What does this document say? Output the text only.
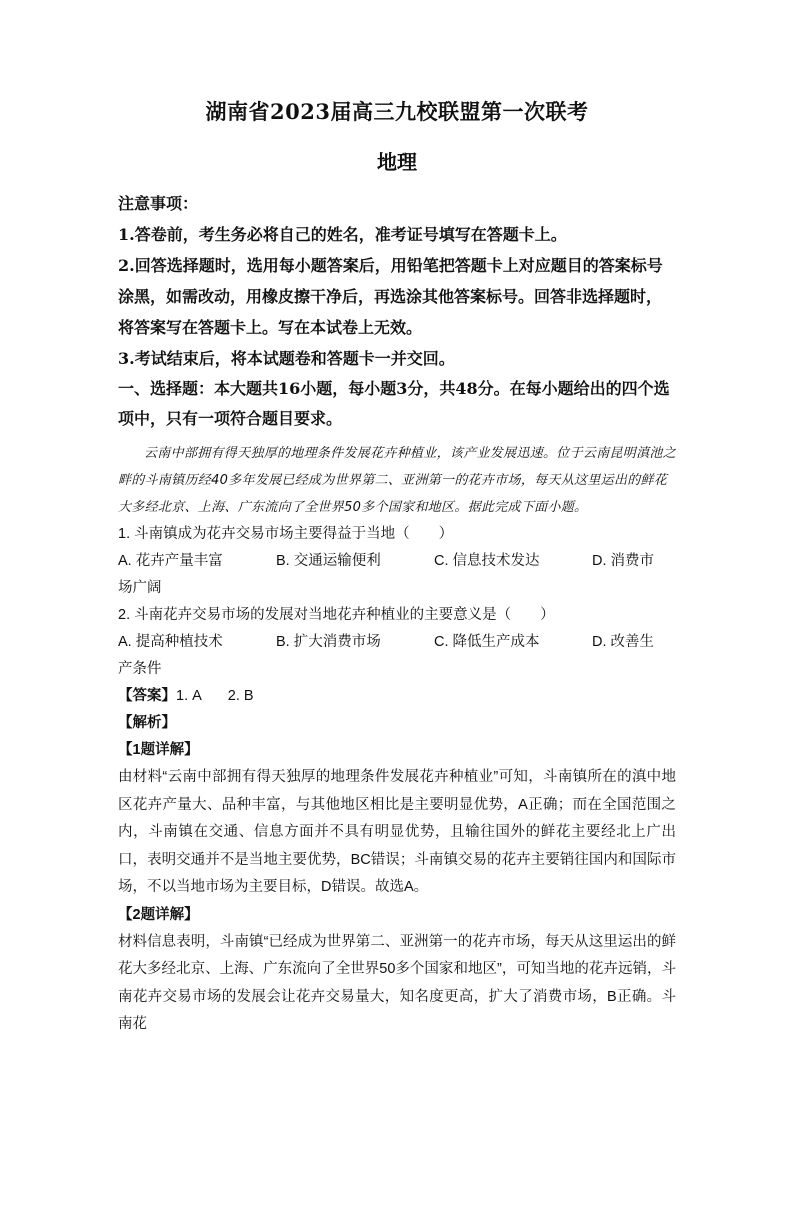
湖南省2023届高三九校联盟第一次联考
地理
注意事项：
1.答卷前，考生务必将自己的姓名，准考证号填写在答题卡上。
2.回答选择题时，选用每小题答案后，用铅笔把答题卡上对应题目的答案标号涂黑，如需改动，用橡皮擦干净后，再选涂其他答案标号。回答非选择题时，将答案写在答题卡上。写在本试卷上无效。
3.考试结束后，将本试题卷和答题卡一并交回。
一、选择题：本大题共16小题，每小题3分，共48分。在每小题给出的四个选项中，只有一项符合题目要求。
云南中部拥有得天独厚的地理条件发展花卉种植业，该产业发展迅速。位于云南昆明滇池之畔的斗南镇历经40多年发展已经成为世界第二、亚洲第一的花卉市场，每天从这里运出的鲜花大多经北京、上海、广东流向了全世界50多个国家和地区。据此完成下面小题。
1. 斗南镇成为花卉交易市场主要得益于当地（　　）
A. 花卉产量丰富	B. 交通运输便利	C. 信息技术发达	D. 消费市
场广阔
2. 斗南花卉交易市场的发展对当地花卉种植业的主要意义是（　　）
A. 提高种植技术	B. 扩大消费市场	C. 降低生产成本	D. 改善生
产条件
【答案】1. A 2. B
【解析】
【1题详解】
由材料“云南中部拥有得天独厚的地理条件发展花卉种植业”可知，斗南镇所在的滇中地区花卉产量大、品种丰富，与其他地区相比是主要明显优势，A正确；而在全国范围之内，斗南镇在交通、信息方面并不具有明显优势，且输往国外的鲜花主要经北上广出口，表明交通并不是当地主要优势，BC错误；斗南镇交易的花卉主要销往国内和国际市场，不以当地市场为主要目标，D错误。故选A。
【2题详解】
材料信息表明，斗南镇“已经成为世界第二、亚洲第一的花卉市场，每天从这里运出的鲜花大多经北京、上海、广东流向了全世界50多个国家和地区”，可知当地的花卉远销，斗南花卉交易市场的发展会让花卉交易量大，知名度更高，扩大了消费市场，B正确。斗南花
